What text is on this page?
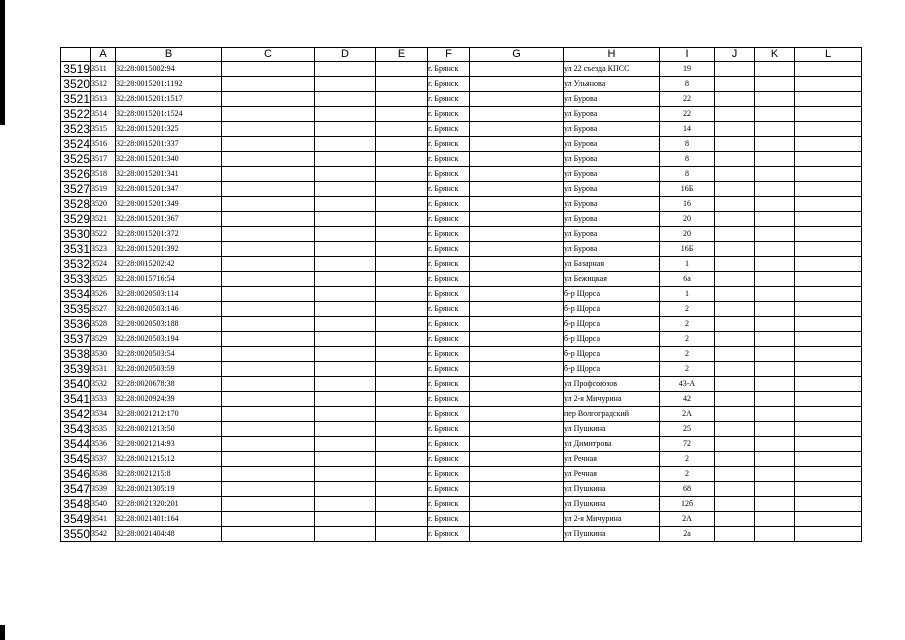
	A	B	C	D	E	F	G	H	I	J	K	L
3519	3511	32:28:0015002:94				г. Брянск		ул 22 съезда КПСС	19			
3520	3512	32:28:0015201:1192				г. Брянск		ул Ульянова	8			
3521	3513	32:28:0015201:1517				г. Брянск		ул Бурова	22			
3522	3514	32:28:0015201:1524				г. Брянск		ул Бурова	22			
3523	3515	32:28:0015201:325				г. Брянск		ул Бурова	14			
3524	3516	32:28:0015201:337				г. Брянск		ул Бурова	8			
3525	3517	32:28:0015201:340				г. Брянск		ул Бурова	8			
3526	3518	32:28:0015201:341				г. Брянск		ул Бурова	8			
3527	3519	32:28:0015201:347				г. Брянск		ул Бурова	16Б			
3528	3520	32:28:0015201:349				г. Брянск		ул Бурова	16			
3529	3521	32:28:0015201:367				г. Брянск		ул Бурова	20			
3530	3522	32:28:0015201:372				г. Брянск		ул Бурова	20			
3531	3523	32:28:0015201:392				г. Брянск		ул Бурова	16Б			
3532	3524	32:28:0015202:42				г. Брянск		ул Базарная	1			
3533	3525	32:28:0015716:54				г. Брянск		ул Бежицкая	6а			
3534	3526	32:28:0020503:114				г. Брянск		б-р Щорса	1			
3535	3527	32:28:0020503:146				г. Брянск		б-р Щорса	2			
3536	3528	32:28:0020503:188				г. Брянск		б-р Щорса	2			
3537	3529	32:28:0020503:194				г. Брянск		б-р Щорса	2			
3538	3530	32:28:0020503:54				г. Брянск		б-р Щорса	2			
3539	3531	32:28:0020503:59				г. Брянск		б-р Щорса	2			
3540	3532	32:28:0020678:38				г. Брянск		ул Профсоюзов	43-А			
3541	3533	32:28:0020924:39				г. Брянск		ул 2-я Мичурина	42			
3542	3534	32:28:0021212:170				г. Брянск		пер Волгоградский	2А			
3543	3535	32:28:0021213:50				г. Брянск		ул Пушкина	25			
3544	3536	32:28:0021214:93				г. Брянск		ул Димитрова	72			
3545	3537	32:28:0021215:12				г. Брянск		ул Речная	2			
3546	3538	32:28:0021215:8				г. Брянск		ул Речная	2			
3547	3539	32:28:0021305:19				г. Брянск		ул Пушкина	68			
3548	3540	32:28:0021320:201				г. Брянск		ул Пушкина	12б			
3549	3541	32:28:0021401:164				г. Брянск		ул 2-я Мичурина	2А			
3550	3542	32:28:0021404:48				г. Брянск		ул Пушкина	2а			
